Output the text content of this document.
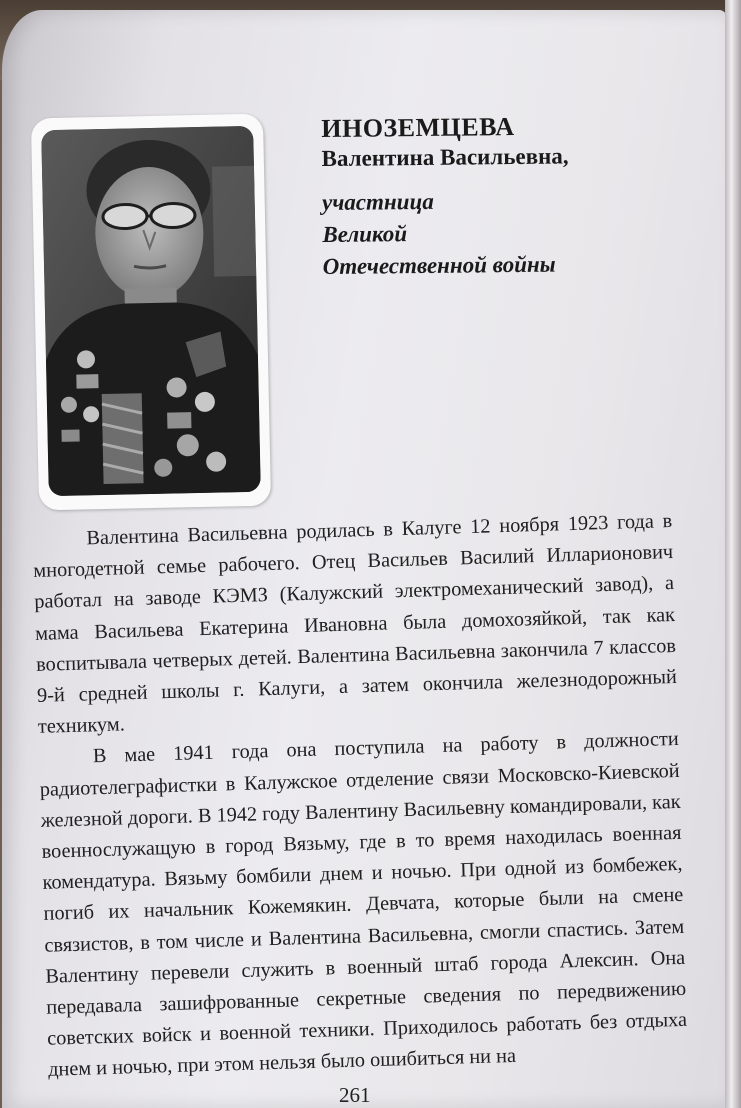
ИНОЗЕМЦЕВА

Валентина Васильевна,

участница
Великой
Отечественной войны

Валентина Васильевна родилась в Калуге 12 ноября 1923 года в многодетной семье рабочего. Отец Васильев Василий Илларионович работал на заводе КЭМЗ (Калужский электромеханический завод), а мама Васильева Екатерина Ивановна была домохозяйкой, так как воспитывала четверых детей. Валентина Васильевна закончила 7 классов 9-й средней школы г. Калуги, а затем окончила железнодорожный техникум.

В мае 1941 года она поступила на работу в должности радиотелеграфистки в Калужское отделение связи Московско-Киевской железной дороги. В 1942 году Валентину Васильевну командировали, как военнослужащую в город Вязьму, где в то время находилась военная комендатура. Вязьму бомбили днем и ночью. При одной из бомбежек, погиб их начальник Кожемякин. Девчата, которые были на смене связистов, в том числе и Валентина Васильевна, смогли спастись. Затем Валентину перевели служить в военный штаб города Алексин. Она передавала зашифрованные секретные сведения по передвижению советских войск и военной техники. Приходилось работать без отдыха днем и ночью, при этом нельзя было ошибиться ни на

261
